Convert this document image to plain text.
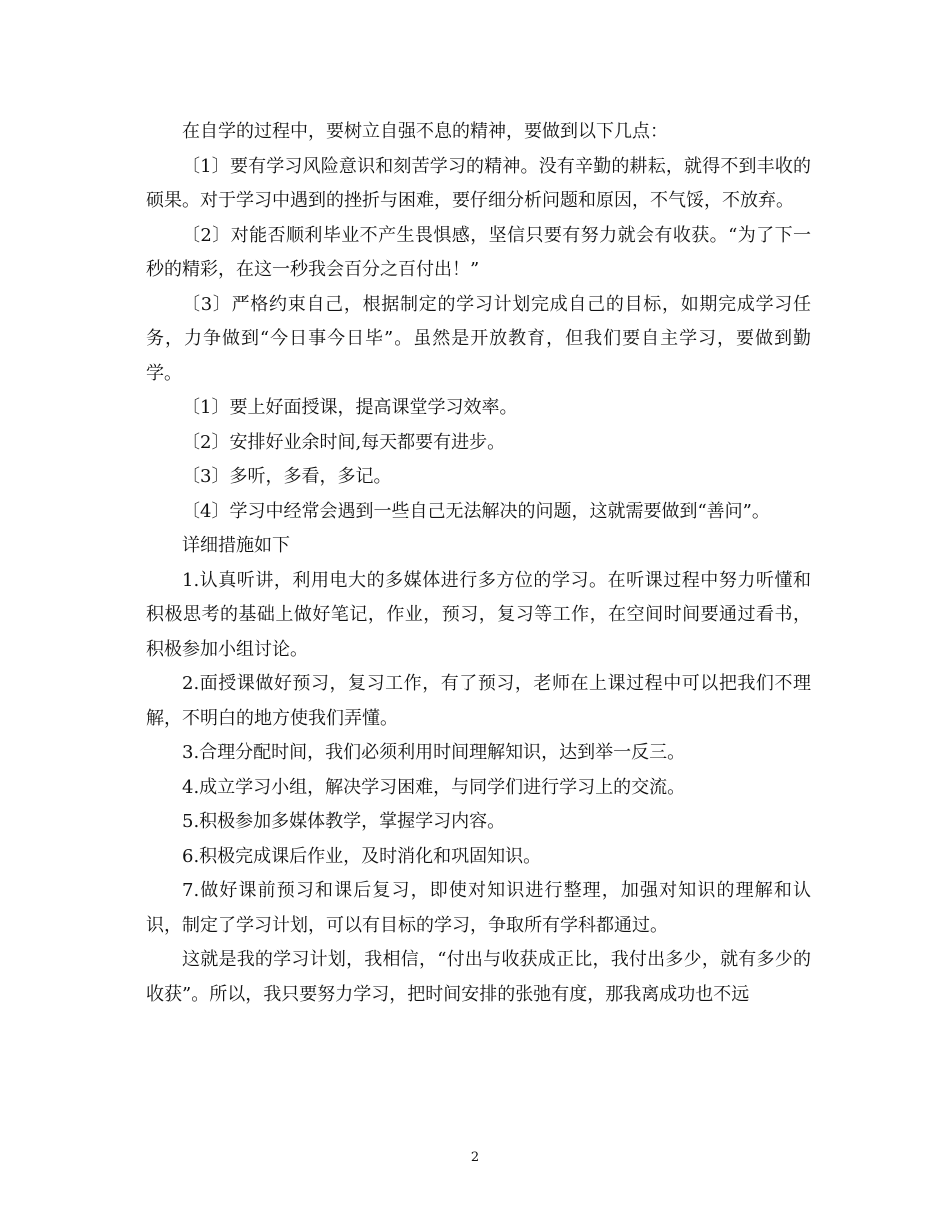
在自学的过程中，要树立自强不息的精神，要做到以下几点：

〔1〕要有学习风险意识和刻苦学习的精神。没有辛勤的耕耘，就得不到丰收的硕果。对于学习中遇到的挫折与困难，要仔细分析问题和原因，不气馁，不放弃。

〔2〕对能否顺利毕业不产生畏惧感，坚信只要有努力就会有收获。“为了下一秒的精彩，在这一秒我会百分之百付出！”

〔3〕严格约束自己，根据制定的学习计划完成自己的目标，如期完成学习任务，力争做到“今日事今日毕”。虽然是开放教育，但我们要自主学习，要做到勤学。

〔1〕要上好面授课，提高课堂学习效率。

〔2〕安排好业余时间,每天都要有进步。

〔3〕多听，多看，多记。

〔4〕学习中经常会遇到一些自己无法解决的问题，这就需要做到“善问”。

详细措施如下

1.认真听讲，利用电大的多媒体进行多方位的学习。在听课过程中努力听懂和积极思考的基础上做好笔记，作业，预习，复习等工作，在空间时间要通过看书，积极参加小组讨论。

2.面授课做好预习，复习工作，有了预习，老师在上课过程中可以把我们不理解，不明白的地方使我们弄懂。

3.合理分配时间，我们必须利用时间理解知识，达到举一反三。

4.成立学习小组，解决学习困难，与同学们进行学习上的交流。

5.积极参加多媒体教学，掌握学习内容。

6.积极完成课后作业，及时消化和巩固知识。

7.做好课前预习和课后复习，即使对知识进行整理，加强对知识的理解和认识，制定了学习计划，可以有目标的学习，争取所有学科都通过。

这就是我的学习计划，我相信，“付出与收获成正比，我付出多少，就有多少的收获”。所以，我只要努力学习，把时间安排的张弛有度，那我离成功也不远

2
